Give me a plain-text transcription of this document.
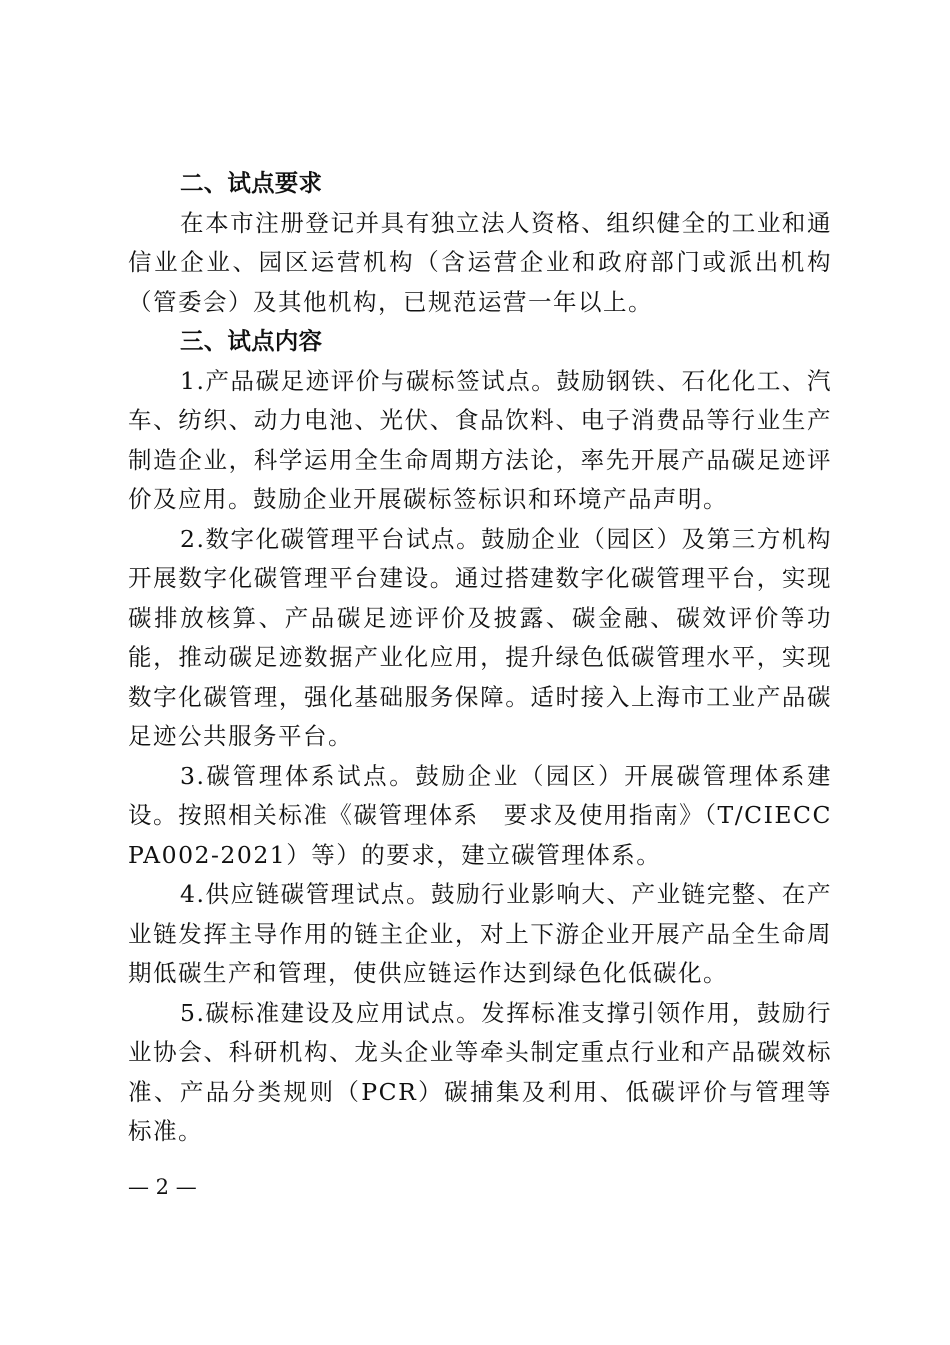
二、试点要求

在本市注册登记并具有独立法人资格、组织健全的工业和通信业企业、园区运营机构（含运营企业和政府部门或派出机构（管委会）及其他机构，已规范运营一年以上。

三、试点内容

1.产品碳足迹评价与碳标签试点。鼓励钢铁、石化化工、汽车、纺织、动力电池、光伏、食品饮料、电子消费品等行业生产制造企业，科学运用全生命周期方法论，率先开展产品碳足迹评价及应用。鼓励企业开展碳标签标识和环境产品声明。

2.数字化碳管理平台试点。鼓励企业（园区）及第三方机构开展数字化碳管理平台建设。通过搭建数字化碳管理平台，实现碳排放核算、产品碳足迹评价及披露、碳金融、碳效评价等功能，推动碳足迹数据产业化应用，提升绿色低碳管理水平，实现数字化碳管理，强化基础服务保障。适时接入上海市工业产品碳足迹公共服务平台。

3.碳管理体系试点。鼓励企业（园区）开展碳管理体系建设。按照相关标准《碳管理体系　要求及使用指南》（T/CIECCPA002-2021）等）的要求，建立碳管理体系。

4.供应链碳管理试点。鼓励行业影响大、产业链完整、在产业链发挥主导作用的链主企业，对上下游企业开展产品全生命周期低碳生产和管理，使供应链运作达到绿色化低碳化。

5.碳标准建设及应用试点。发挥标准支撑引领作用，鼓励行业协会、科研机构、龙头企业等牵头制定重点行业和产品碳效标准、产品分类规则（PCR）碳捕集及利用、低碳评价与管理等标准。

— 2 —
